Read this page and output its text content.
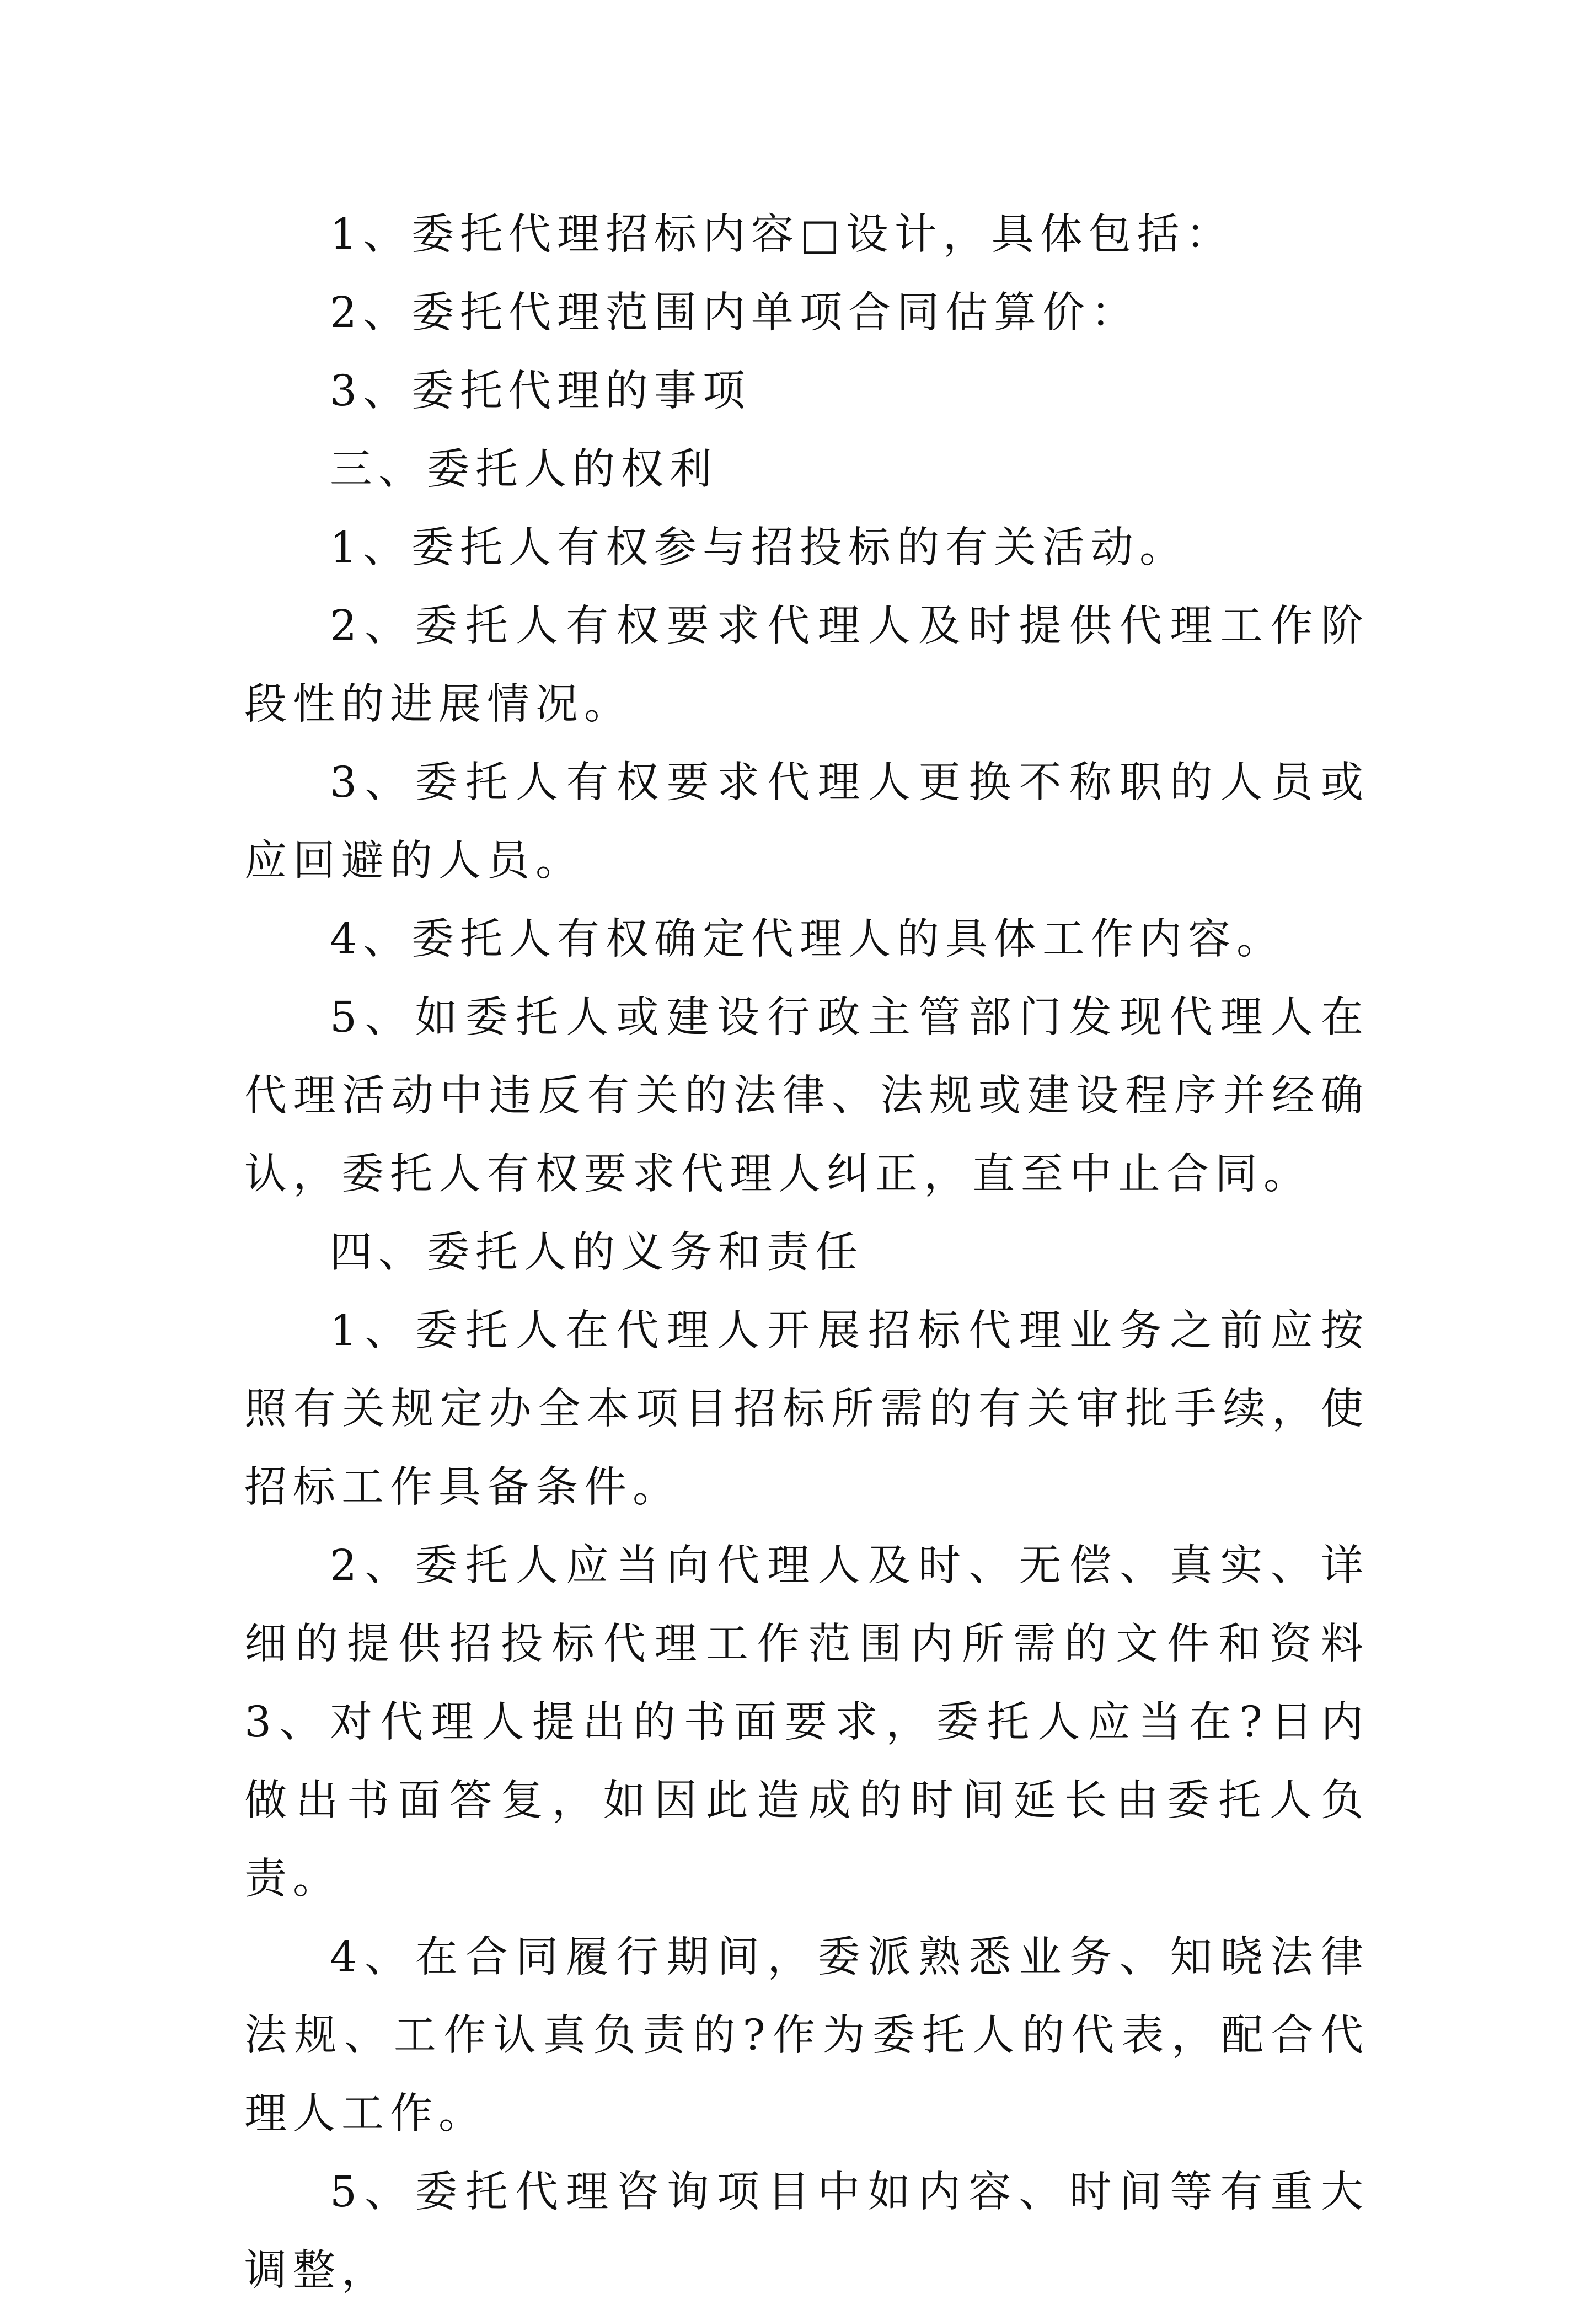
1、委托代理招标内容□设计，具体包括：

2、委托代理范围内单项合同估算价：

3、委托代理的事项

三、委托人的权利

1、委托人有权参与招投标的有关活动。

2、委托人有权要求代理人及时提供代理工作阶段性的进展情况。

3、委托人有权要求代理人更换不称职的人员或应回避的人员。

4、委托人有权确定代理人的具体工作内容。

5、如委托人或建设行政主管部门发现代理人在代理活动中违反有关的法律、法规或建设程序并经确认，委托人有权要求代理人纠正，直至中止合同。

四、委托人的义务和责任

1、委托人在代理人开展招标代理业务之前应按照有关规定办全本项目招标所需的有关审批手续，使招标工作具备条件。

2、委托人应当向代理人及时、无偿、真实、详细的提供招投标代理工作范围内所需的文件和资料 3、对代理人提出的书面要求，委托人应当在?日内做出书面答复，如因此造成的时间延长由委托人负责。

4、在合同履行期间，委派熟悉业务、知晓法律法规、工作认真负责的?作为委托人的代表，配合代理人工作。

5、委托代理咨询项目中如内容、时间等有重大调整，
